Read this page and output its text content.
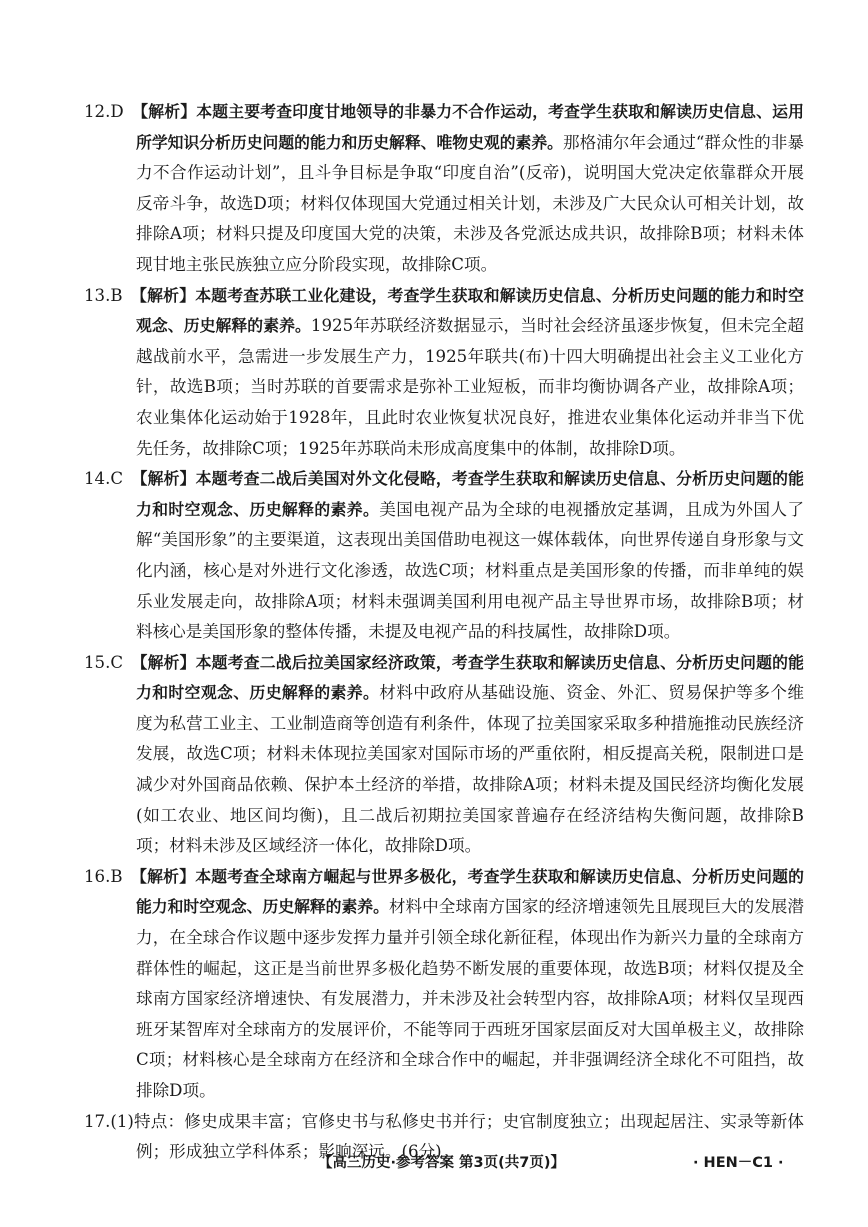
12.D  【解析】本题主要考查印度甘地领导的非暴力不合作运动，考查学生获取和解读历史信息、运用所学知识分析历史问题的能力和历史解释、唯物史观的素养。那格浦尔年会通过“群众性的非暴力不合作运动计划”，且斗争目标是争取“印度自治”(反帝)，说明国大党决定依靠群众开展反帝斗争，故选D项；材料仅体现国大党通过相关计划，未涉及广大民众认可相关计划，故排除A项；材料只提及印度国大党的决策，未涉及各党派达成共识，故排除B项；材料未体现甘地主张民族独立应分阶段实现，故排除C项。

13.B  【解析】本题考查苏联工业化建设，考查学生获取和解读历史信息、分析历史问题的能力和时空观念、历史解释的素养。1925年苏联经济数据显示，当时社会经济虽逐步恢复，但未完全超越战前水平，急需进一步发展生产力，1925年联共(布)十四大明确提出社会主义工业化方针，故选B项；当时苏联的首要需求是弥补工业短板，而非均衡协调各产业，故排除A项；农业集体化运动始于1928年，且此时农业恢复状况良好，推进农业集体化运动并非当下优先任务，故排除C项；1925年苏联尚未形成高度集中的体制，故排除D项。

14.C  【解析】本题考查二战后美国对外文化侵略，考查学生获取和解读历史信息、分析历史问题的能力和时空观念、历史解释的素养。美国电视产品为全球的电视播放定基调，且成为外国人了解“美国形象”的主要渠道，这表现出美国借助电视这一媒体载体，向世界传递自身形象与文化内涵，核心是对外进行文化渗透，故选C项；材料重点是美国形象的传播，而非单纯的娱乐业发展走向，故排除A项；材料未强调美国利用电视产品主导世界市场，故排除B项；材料核心是美国形象的整体传播，未提及电视产品的科技属性，故排除D项。

15.C  【解析】本题考查二战后拉美国家经济政策，考查学生获取和解读历史信息、分析历史问题的能力和时空观念、历史解释的素养。材料中政府从基础设施、资金、外汇、贸易保护等多个维度为私营工业主、工业制造商等创造有利条件，体现了拉美国家采取多种措施推动民族经济发展，故选C项；材料未体现拉美国家对国际市场的严重依附，相反提高关税，限制进口是减少对外国商品依赖、保护本土经济的举措，故排除A项；材料未提及国民经济均衡化发展(如工农业、地区间均衡)，且二战后初期拉美国家普遍存在经济结构失衡问题，故排除B项；材料未涉及区域经济一体化，故排除D项。

16.B  【解析】本题考查全球南方崛起与世界多极化，考查学生获取和解读历史信息、分析历史问题的能力和时空观念、历史解释的素养。材料中全球南方国家的经济增速领先且展现巨大的发展潜力，在全球合作议题中逐步发挥力量并引领全球化新征程，体现出作为新兴力量的全球南方群体性的崛起，这正是当前世界多极化趋势不断发展的重要体现，故选B项；材料仅提及全球南方国家经济增速快、有发展潜力，并未涉及社会转型内容，故排除A项；材料仅呈现西班牙某智库对全球南方的发展评价，不能等同于西班牙国家层面反对大国单极主义，故排除C项；材料核心是全球南方在经济和全球合作中的崛起，并非强调经济全球化不可阻挡，故排除D项。

17.(1)特点：修史成果丰富；官修史书与私修史书并行；史官制度独立；出现起居注、实录等新体例；形成独立学科体系；影响深远。(6分)

【高三历史·参考答案 第3页(共7页)】	· HEN－C1 ·
